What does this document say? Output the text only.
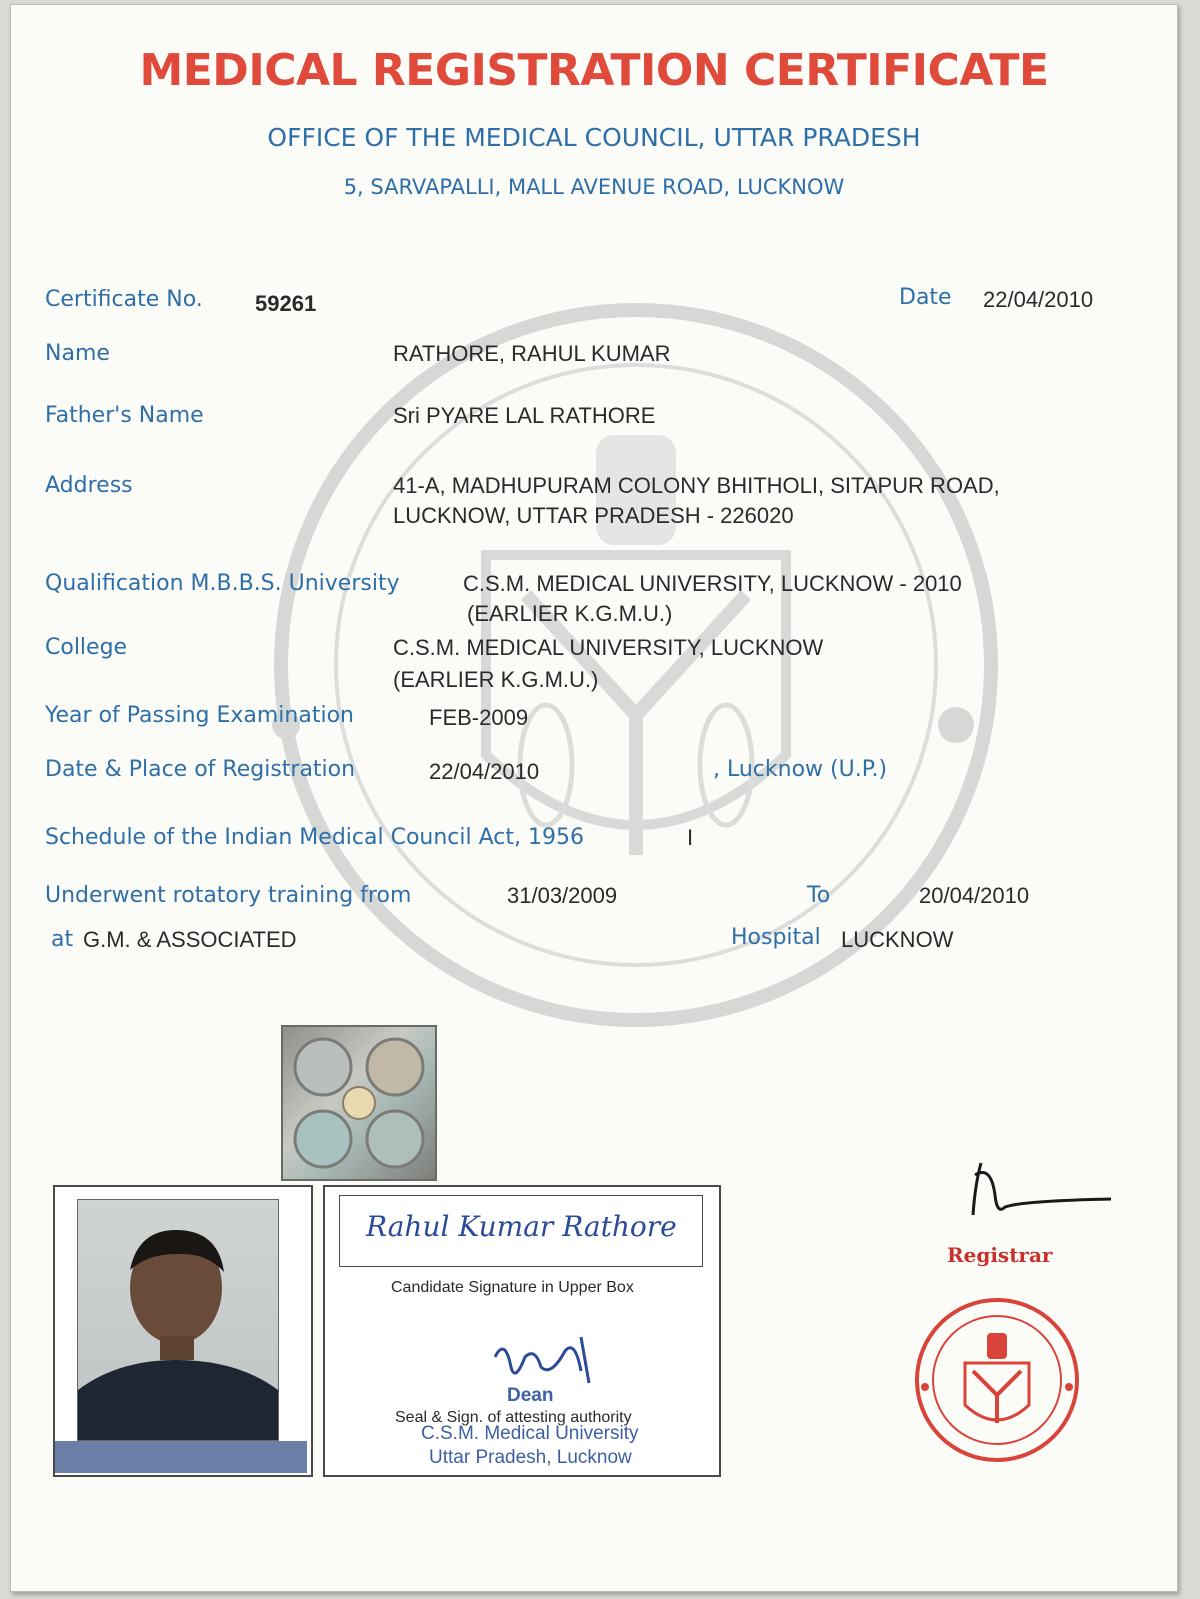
MEDICAL REGISTRATION CERTIFICATE
OFFICE OF THE MEDICAL COUNCIL, UTTAR PRADESH
5, SARVAPALLI, MALL AVENUE ROAD, LUCKNOW
Certificate No. 59261	Date 22/04/2010
Name	RATHORE, RAHUL KUMAR
Father's Name	Sri PYARE LAL RATHORE
Address	41-A, MADHUPURAM COLONY BHITHOLI, SITAPUR ROAD,
LUCKNOW, UTTAR PRADESH - 226020
Qualification M.B.B.S. University	C.S.M. MEDICAL UNIVERSITY, LUCKNOW - 2010
(EARLIER K.G.M.U.)
College	C.S.M. MEDICAL UNIVERSITY, LUCKNOW
(EARLIER K.G.M.U.)
Year of Passing Examination	FEB-2009
Date & Place of Registration	22/04/2010	, Lucknow (U.P.)
Schedule of the Indian Medical Council Act, 1956	I
Underwent rotatory training from	31/03/2009	To	20/04/2010
at G.M. & ASSOCIATED	Hospital LUCKNOW
Rahul Kumar Rathore
Candidate Signature in Upper Box
Dean
Seal & Sign. of attesting authority
C.S.M. Medical University
Uttar Pradesh, Lucknow
Registrar
